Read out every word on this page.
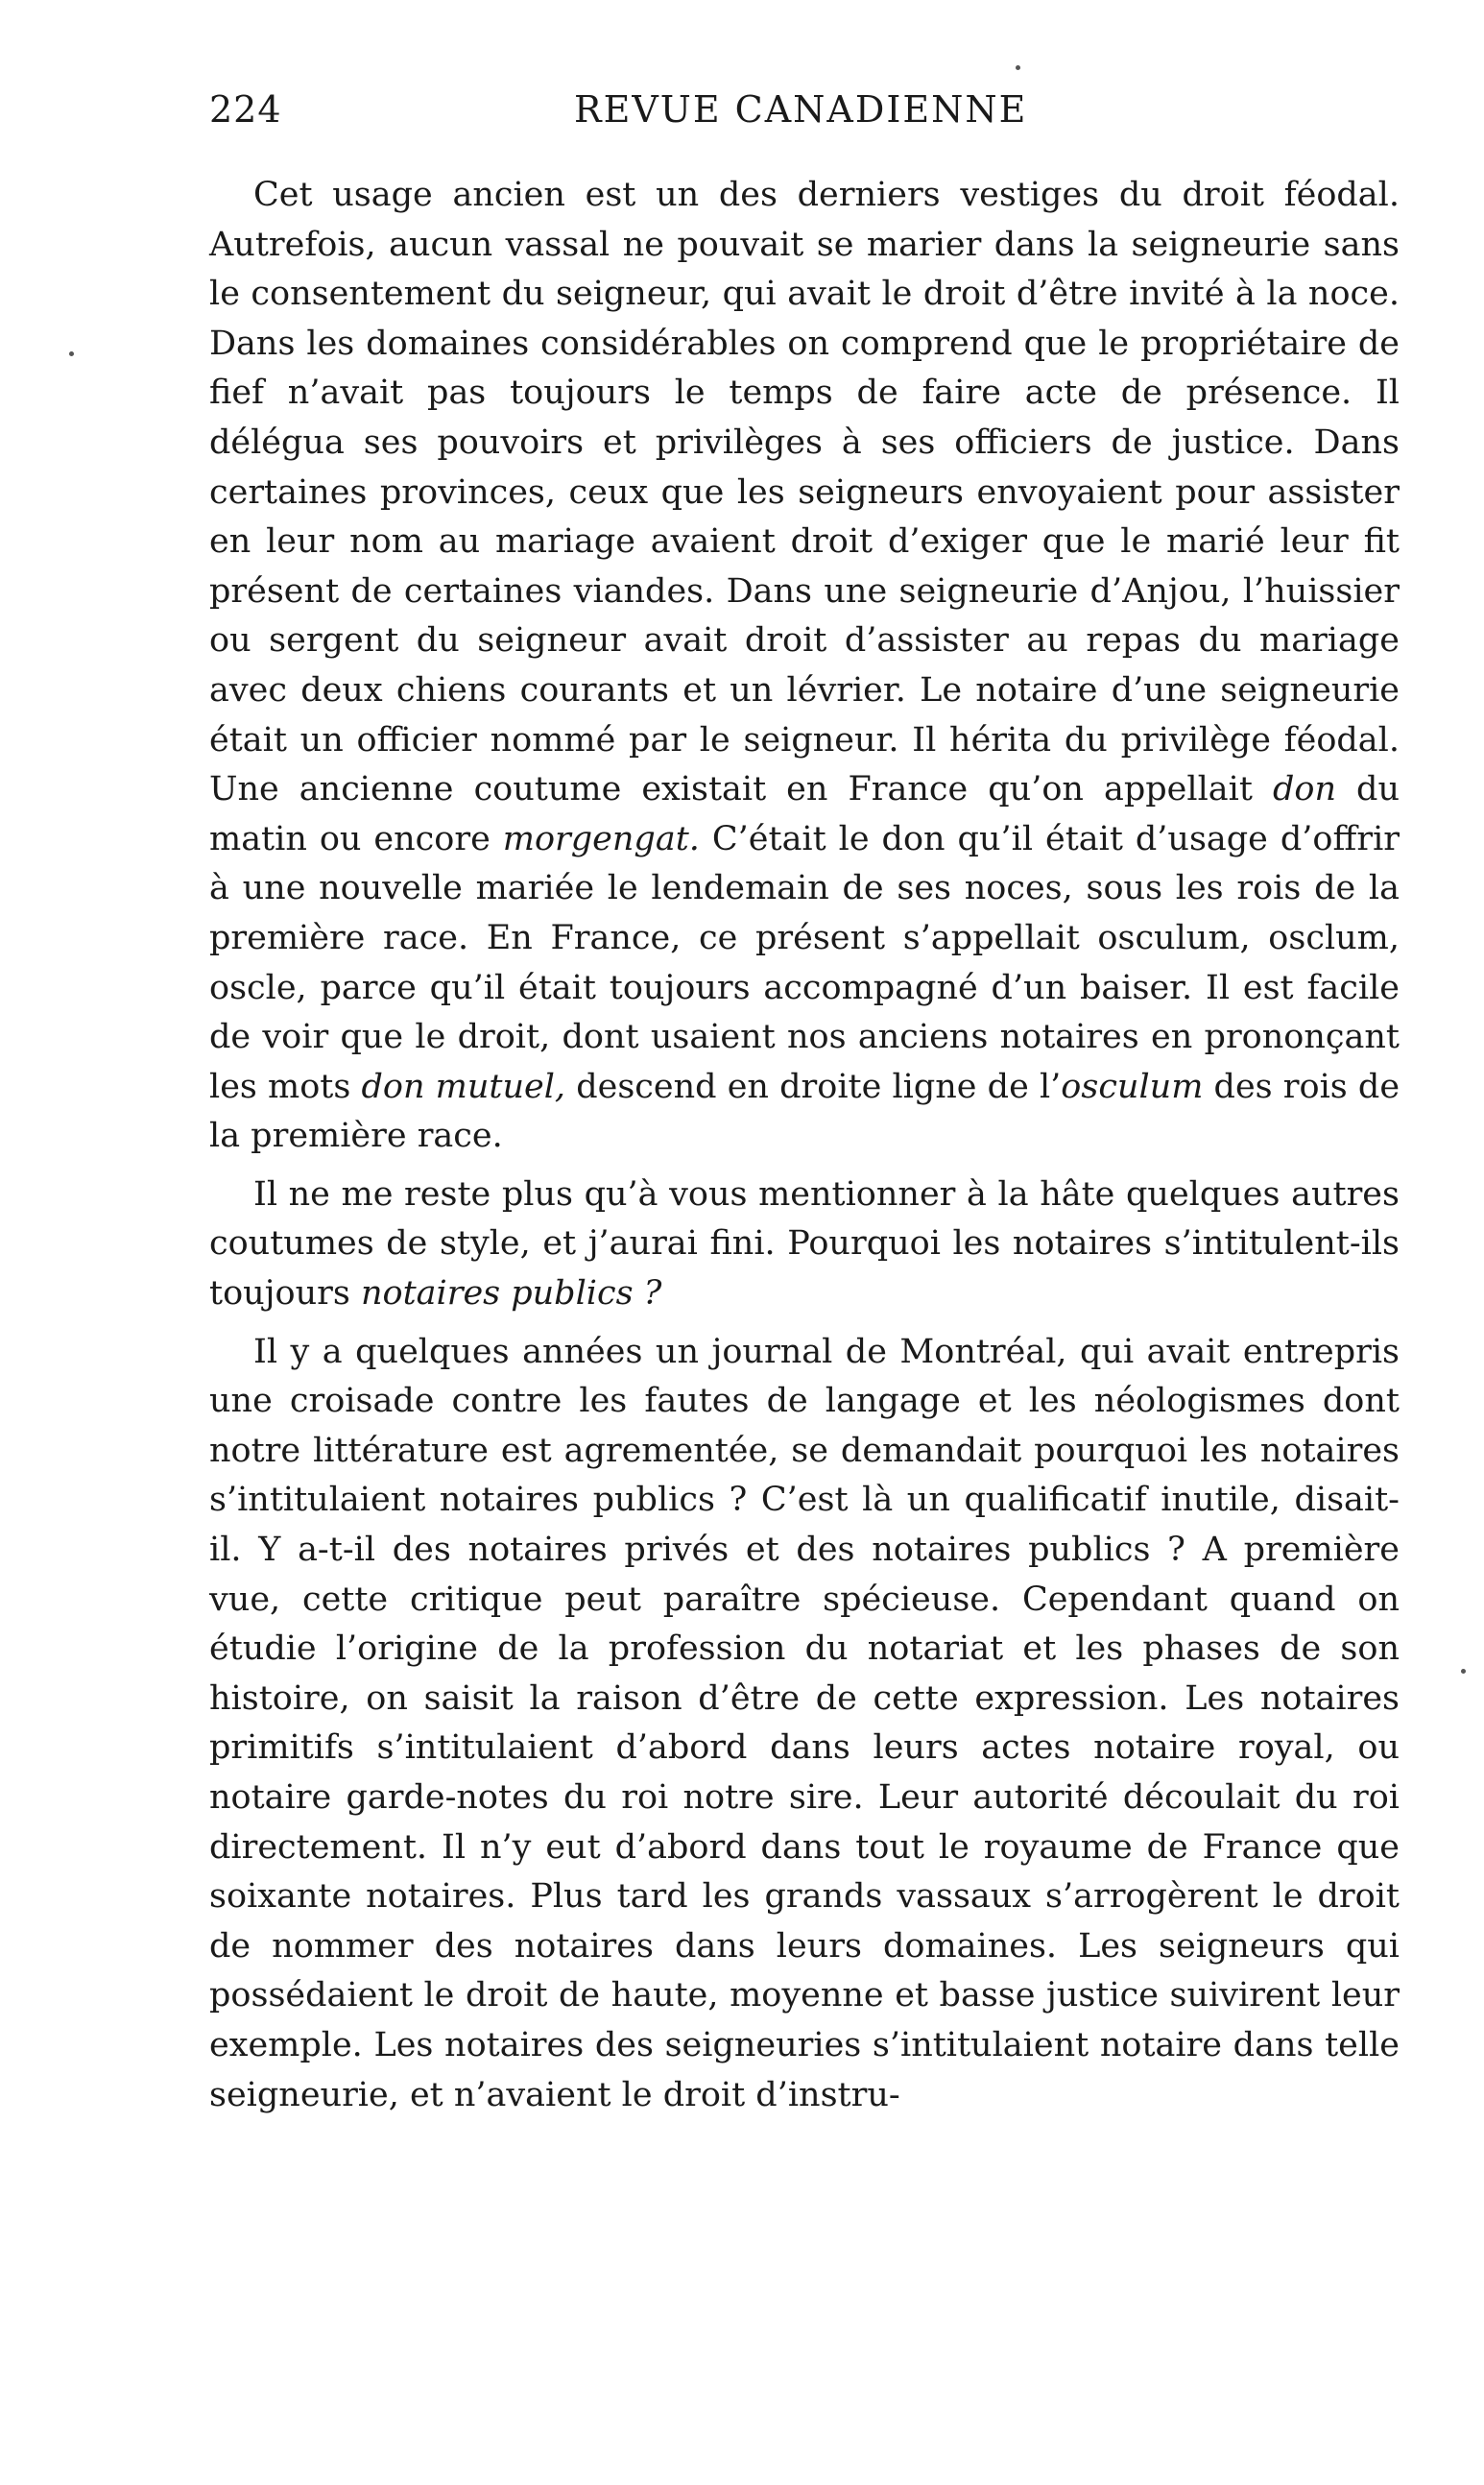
224	REVUE CANADIENNE

Cet usage ancien est un des derniers vestiges du droit féodal. Autrefois, aucun vassal ne pouvait se marier dans la seigneurie sans le consentement du seigneur, qui avait le droit d’être invité à la noce. Dans les domaines considérables on comprend que le propriétaire de fief n’avait pas toujours le temps de faire acte de présence. Il délégua ses pouvoirs et privilèges à ses officiers de justice. Dans certaines provinces, ceux que les seigneurs envoyaient pour assister en leur nom au mariage avaient droit d’exiger que le marié leur fit présent de certaines viandes. Dans une seigneurie d’Anjou, l’huissier ou sergent du seigneur avait droit d’assister au repas du mariage avec deux chiens courants et un lévrier. Le notaire d’une seigneurie était un officier nommé par le seigneur. Il hérita du privilège féodal. Une ancienne coutume existait en France qu’on appellait don du matin ou encore morgengat. C’était le don qu’il était d’usage d’offrir à une nouvelle mariée le lendemain de ses noces, sous les rois de la première race. En France, ce présent s’appellait osculum, osclum, oscle, parce qu’il était toujours accompagné d’un baiser. Il est facile de voir que le droit, dont usaient nos anciens notaires en prononçant les mots don mutuel, descend en droite ligne de l’osculum des rois de la première race.

Il ne me reste plus qu’à vous mentionner à la hâte quelques autres coutumes de style, et j’aurai fini. Pourquoi les notaires s’intitulent-ils toujours notaires publics ?

Il y a quelques années un journal de Montréal, qui avait entrepris une croisade contre les fautes de langage et les néologismes dont notre littérature est agrementée, se demandait pourquoi les notaires s’intitulaient notaires publics ? C’est là un qualificatif inutile, disait-il. Y a-t-il des notaires privés et des notaires publics ? A première vue, cette critique peut paraître spécieuse. Cependant quand on étudie l’origine de la profession du notariat et les phases de son histoire, on saisit la raison d’être de cette expression. Les notaires primitifs s’intitulaient d’abord dans leurs actes notaire royal, ou notaire garde-notes du roi notre sire. Leur autorité découlait du roi directement. Il n’y eut d’abord dans tout le royaume de France que soixante notaires. Plus tard les grands vassaux s’arrogèrent le droit de nommer des notaires dans leurs domaines. Les seigneurs qui possédaient le droit de haute, moyenne et basse justice suivirent leur exemple. Les notaires des seigneuries s’intitulaient notaire dans telle seigneurie, et n’avaient le droit d’instru-
